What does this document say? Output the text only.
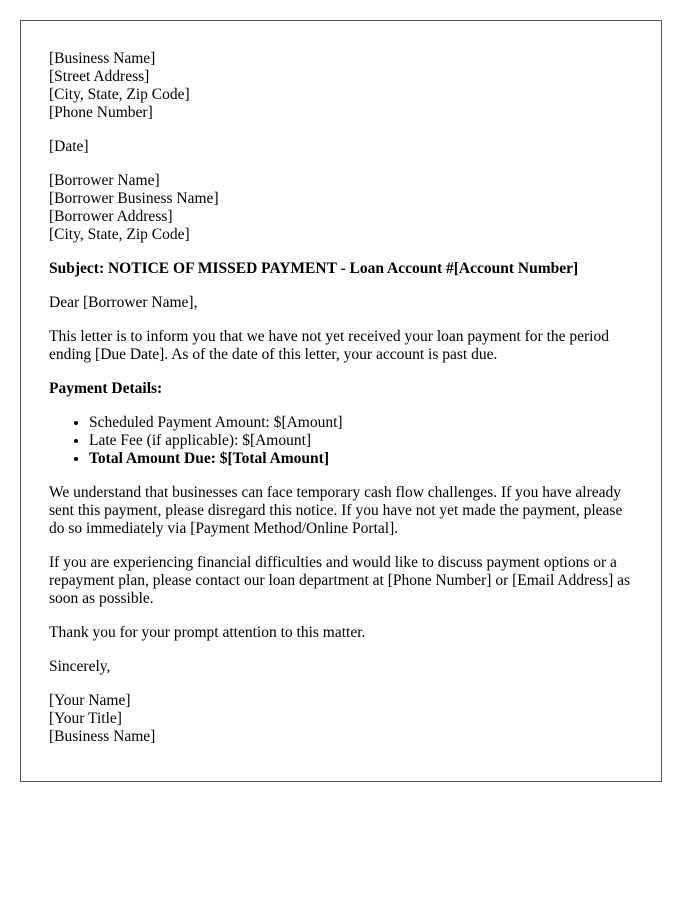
[Business Name]
[Street Address]
[City, State, Zip Code]
[Phone Number]

[Date]

[Borrower Name]
[Borrower Business Name]
[Borrower Address]
[City, State, Zip Code]

Subject: NOTICE OF MISSED PAYMENT - Loan Account #[Account Number]

Dear [Borrower Name],

This letter is to inform you that we have not yet received your loan payment for the period ending [Due Date]. As of the date of this letter, your account is past due.

Payment Details:

• Scheduled Payment Amount: $[Amount]
• Late Fee (if applicable): $[Amount]
• Total Amount Due: $[Total Amount]

We understand that businesses can face temporary cash flow challenges. If you have already sent this payment, please disregard this notice. If you have not yet made the payment, please do so immediately via [Payment Method/Online Portal].

If you are experiencing financial difficulties and would like to discuss payment options or a repayment plan, please contact our loan department at [Phone Number] or [Email Address] as soon as possible.

Thank you for your prompt attention to this matter.

Sincerely,

[Your Name]
[Your Title]
[Business Name]
